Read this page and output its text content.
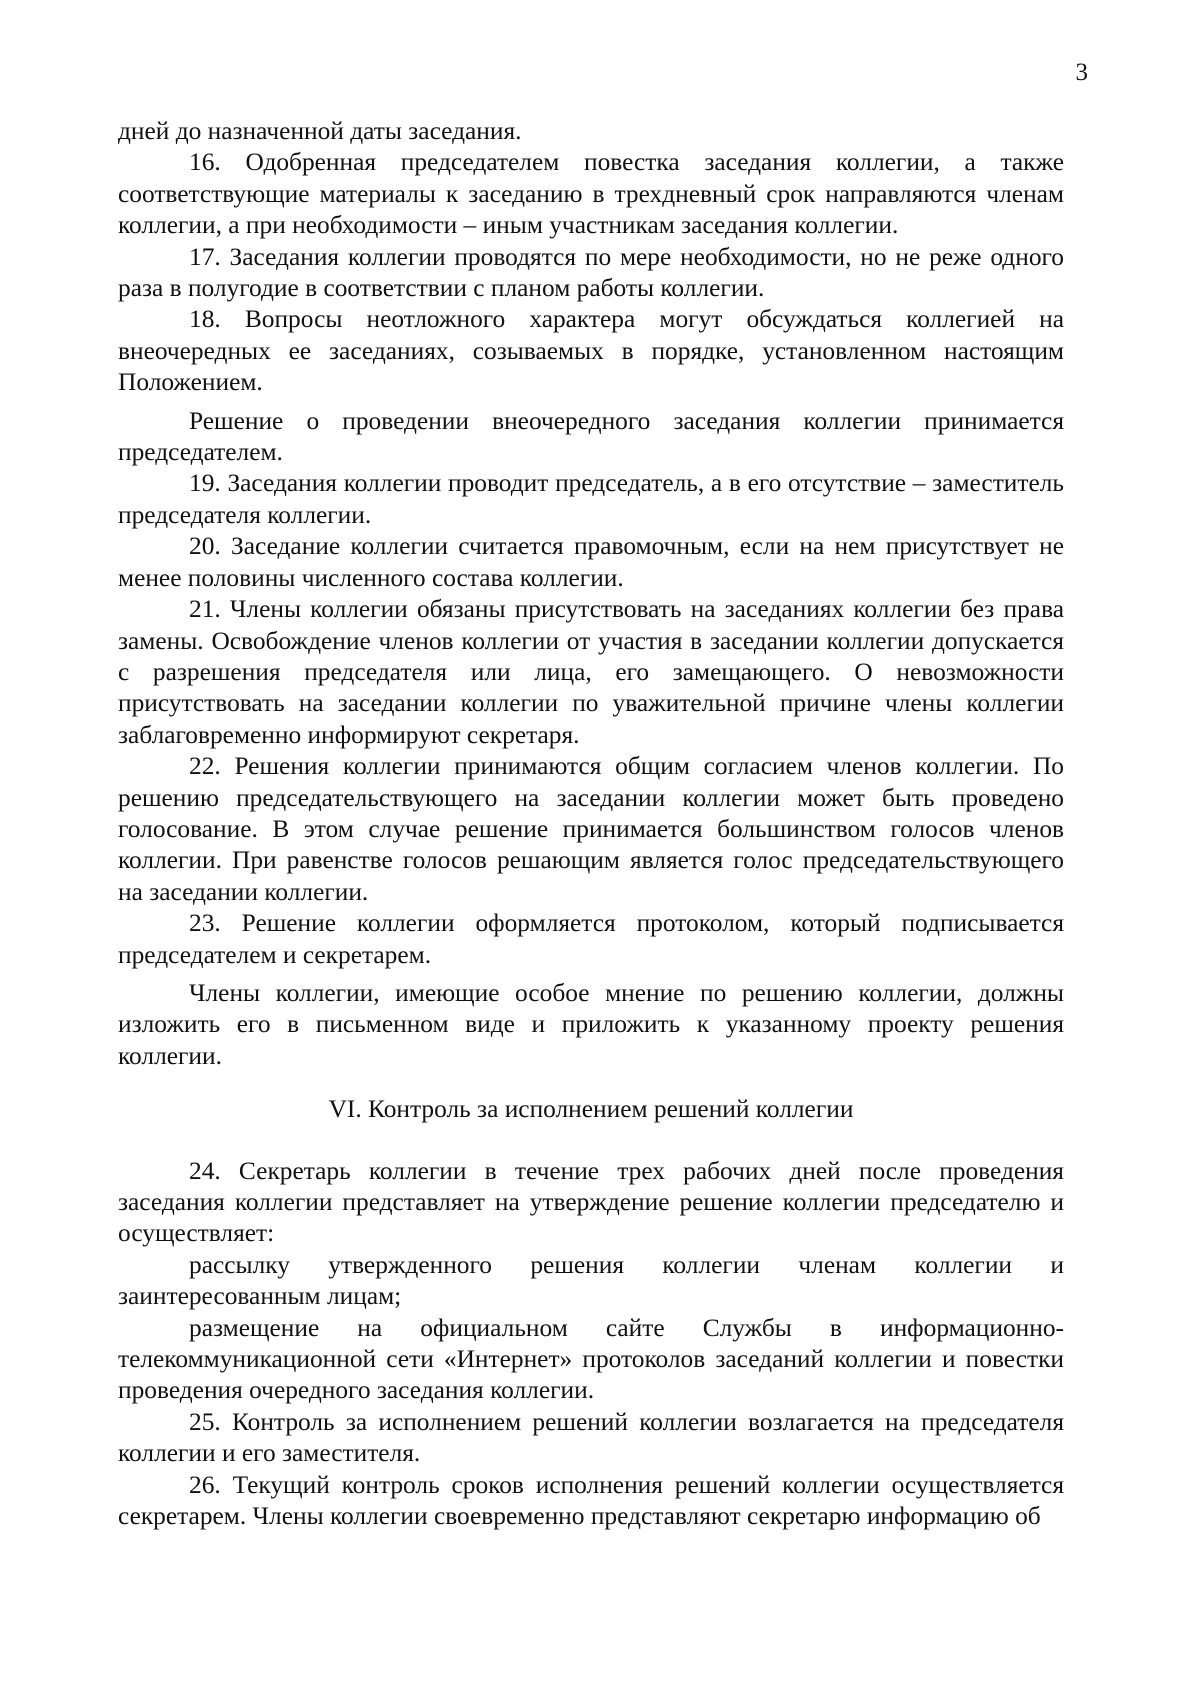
3

дней до назначенной даты заседания.

16. Одобренная председателем повестка заседания коллегии, а также соответствующие материалы к заседанию в трехдневный срок направляются членам коллегии, а при необходимости – иным участникам заседания коллегии.

17. Заседания коллегии проводятся по мере необходимости, но не реже одного раза в полугодие в соответствии с планом работы коллегии.

18. Вопросы неотложного характера могут обсуждаться коллегией на внеочередных ее заседаниях, созываемых в порядке, установленном настоящим Положением.

Решение о проведении внеочередного заседания коллегии принимается председателем.

19. Заседания коллегии проводит председатель, а в его отсутствие – заместитель председателя коллегии.

20. Заседание коллегии считается правомочным, если на нем присутствует не менее половины численного состава коллегии.

21. Члены коллегии обязаны присутствовать на заседаниях коллегии без права замены. Освобождение членов коллегии от участия в заседании коллегии допускается с разрешения председателя или лица, его замещающего. О невозможности присутствовать на заседании коллегии по уважительной причине члены коллегии заблаговременно информируют секретаря.

22. Решения коллегии принимаются общим согласием членов коллегии. По решению председательствующего на заседании коллегии может быть проведено голосование. В этом случае решение принимается большинством голосов членов коллегии. При равенстве голосов решающим является голос председательствующего на заседании коллегии.

23. Решение коллегии оформляется протоколом, который подписывается председателем и секретарем.

Члены коллегии, имеющие особое мнение по решению коллегии, должны изложить его в письменном виде и приложить к указанному проекту решения коллегии.

VI. Контроль за исполнением решений коллегии

24. Секретарь коллегии в течение трех рабочих дней после проведения заседания коллегии представляет на утверждение решение коллегии председателю и осуществляет:

рассылку утвержденного решения коллегии членам коллегии и заинтересованным лицам;

размещение на официальном сайте Службы в информационно-телекоммуникационной сети «Интернет» протоколов заседаний коллегии и повестки проведения очередного заседания коллегии.

25. Контроль за исполнением решений коллегии возлагается на председателя коллегии и его заместителя.

26. Текущий контроль сроков исполнения решений коллегии осуществляется секретарем. Члены коллегии своевременно представляют секретарю информацию об
